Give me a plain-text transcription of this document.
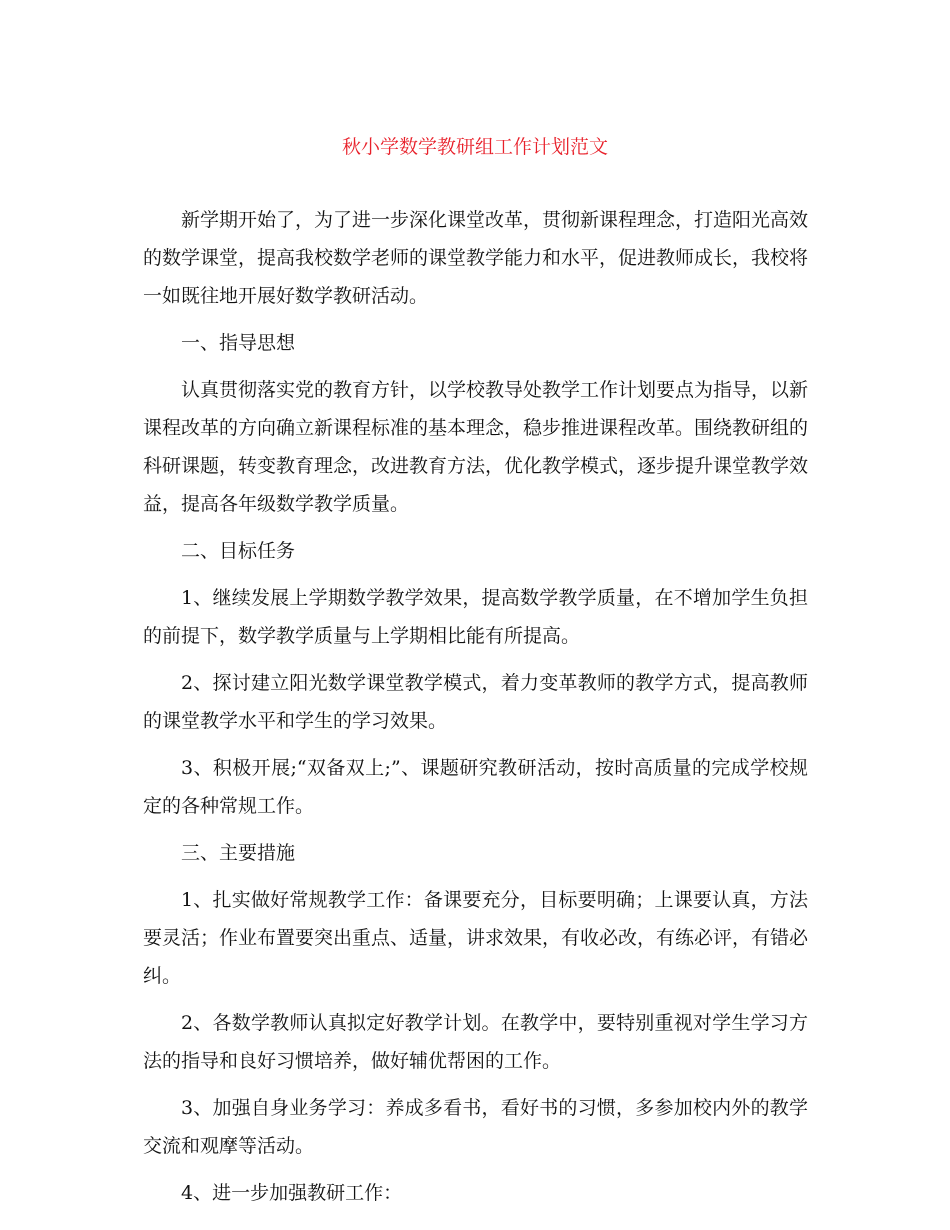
秋小学数学教研组工作计划范文

新学期开始了，为了进一步深化课堂改革，贯彻新课程理念，打造阳光高效的数学课堂，提高我校数学老师的课堂教学能力和水平，促进教师成长，我校将一如既往地开展好数学教研活动。

一、指导思想

认真贯彻落实党的教育方针，以学校教导处教学工作计划要点为指导，以新课程改革的方向确立新课程标准的基本理念，稳步推进课程改革。围绕教研组的科研课题，转变教育理念，改进教育方法，优化教学模式，逐步提升课堂教学效益，提高各年级数学教学质量。

二、目标任务

1、继续发展上学期数学教学效果，提高数学教学质量，在不增加学生负担的前提下，数学教学质量与上学期相比能有所提高。

2、探讨建立阳光数学课堂教学模式，着力变革教师的教学方式，提高教师的课堂教学水平和学生的学习效果。

3、积极开展;“双备双上;”、课题研究教研活动，按时高质量的完成学校规定的各种常规工作。

三、主要措施

1、扎实做好常规教学工作：备课要充分，目标要明确；上课要认真，方法要灵活；作业布置要突出重点、适量，讲求效果，有收必改，有练必评，有错必纠。

2、各数学教师认真拟定好教学计划。在教学中，要特别重视对学生学习方法的指导和良好习惯培养，做好辅优帮困的工作。

3、加强自身业务学习：养成多看书，看好书的习惯，多参加校内外的教学交流和观摩等活动。

4、进一步加强教研工作：
